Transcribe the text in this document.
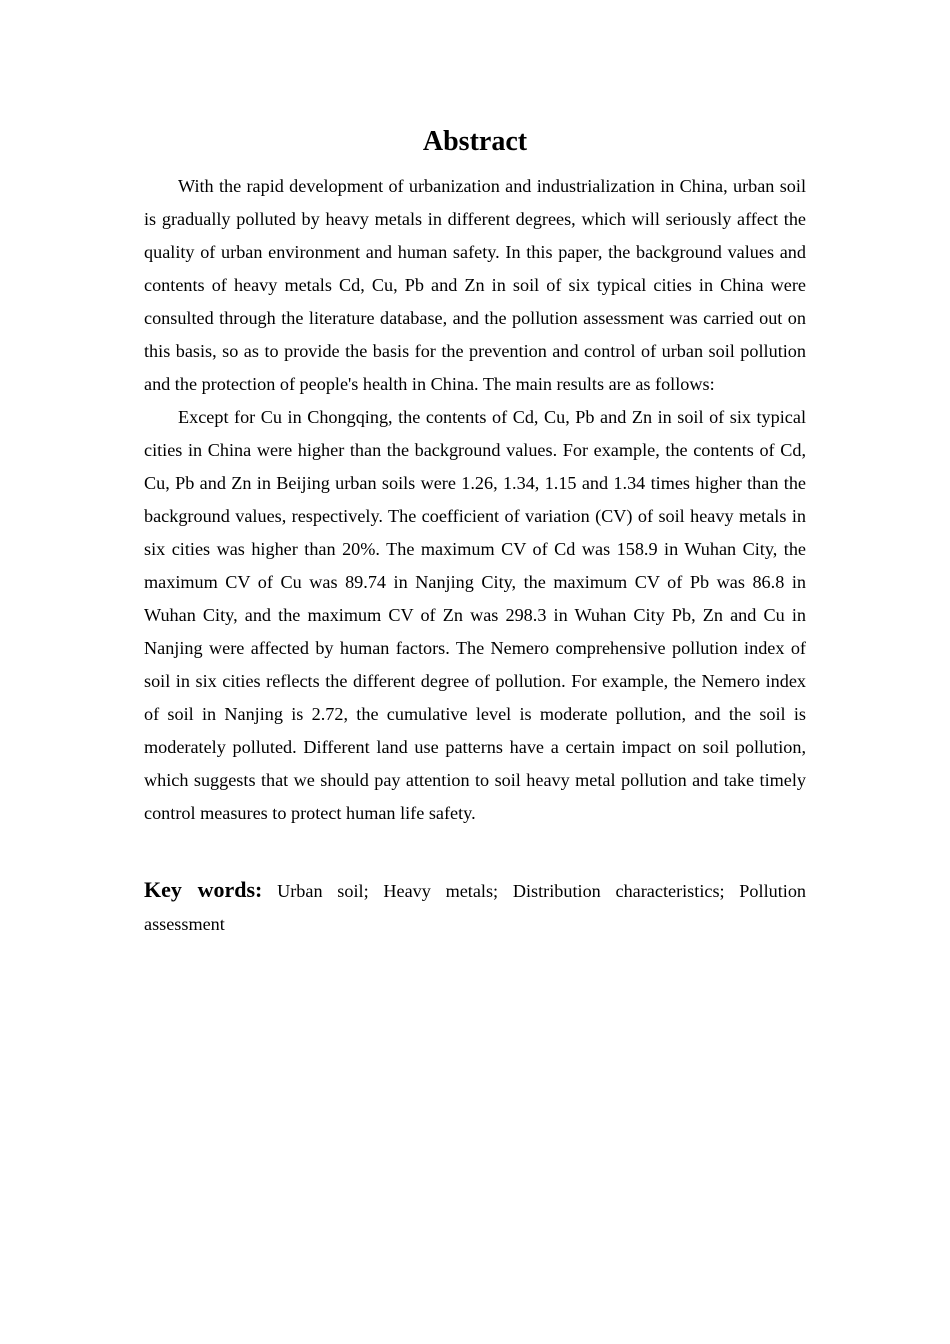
Abstract

With the rapid development of urbanization and industrialization in China, urban soil is gradually polluted by heavy metals in different degrees, which will seriously affect the quality of urban environment and human safety. In this paper, the background values and contents of heavy metals Cd, Cu, Pb and Zn in soil of six typical cities in China were consulted through the literature database, and the pollution assessment was carried out on this basis, so as to provide the basis for the prevention and control of urban soil pollution and the protection of people's health in China. The main results are as follows:

Except for Cu in Chongqing, the contents of Cd, Cu, Pb and Zn in soil of six typical cities in China were higher than the background values. For example, the contents of Cd, Cu, Pb and Zn in Beijing urban soils were 1.26, 1.34, 1.15 and 1.34 times higher than the background values, respectively. The coefficient of variation (CV) of soil heavy metals in six cities was higher than 20%. The maximum CV of Cd was 158.9 in Wuhan City, the maximum CV of Cu was 89.74 in Nanjing City, the maximum CV of Pb was 86.8 in Wuhan City, and the maximum CV of Zn was 298.3 in Wuhan City Pb, Zn and Cu in Nanjing were affected by human factors. The Nemero comprehensive pollution index of soil in six cities reflects the different degree of pollution. For example, the Nemero index of soil in Nanjing is 2.72, the cumulative level is moderate pollution, and the soil is moderately polluted. Different land use patterns have a certain impact on soil pollution, which suggests that we should pay attention to soil heavy metal pollution and take timely control measures to protect human life safety.

Key words: Urban soil; Heavy metals; Distribution characteristics; Pollution assessment
